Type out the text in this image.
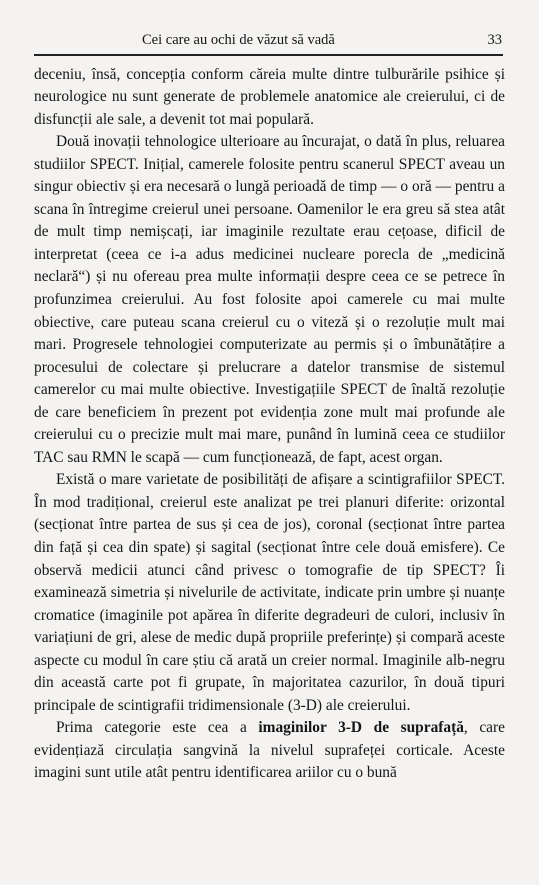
Cei care au ochi de văzut să vadă	33

deceniu, însă, concepția conform căreia multe dintre tulburările psihice și neurologice nu sunt generate de problemele anatomice ale creierului, ci de disfuncții ale sale, a devenit tot mai populară.

Două inovații tehnologice ulterioare au încurajat, o dată în plus, reluarea studiilor SPECT. Inițial, camerele folosite pentru scanerul SPECT aveau un singur obiectiv și era necesară o lungă perioadă de timp — o oră — pentru a scana în întregime creierul unei persoane. Oamenilor le era greu să stea atât de mult timp nemișcați, iar imaginile rezultate erau cețoase, dificil de interpretat (ceea ce i-a adus medicinei nucleare porecla de „medicină neclară“) și nu ofereau prea multe informații despre ceea ce se petrece în profunzimea creierului. Au fost folosite apoi camerele cu mai multe obiective, care puteau scana creierul cu o viteză și o rezoluție mult mai mari. Progresele tehnologiei computerizate au permis și o îmbunătățire a procesului de colectare și prelucrare a datelor transmise de sistemul camerelor cu mai multe obiective. Investigațiile SPECT de înaltă rezoluție de care beneficiem în prezent pot evidenția zone mult mai profunde ale creierului cu o precizie mult mai mare, punând în lumină ceea ce studiilor TAC sau RMN le scapă — cum funcționează, de fapt, acest organ.

Există o mare varietate de posibilități de afișare a scintigrafiilor SPECT. În mod tradițional, creierul este analizat pe trei planuri diferite: orizontal (secționat între partea de sus și cea de jos), coronal (secționat între partea din față și cea din spate) și sagital (secționat între cele două emisfere). Ce observă medicii atunci când privesc o tomografie de tip SPECT? Îi examinează simetria și nivelurile de activitate, indicate prin umbre și nuanțe cromatice (imaginile pot apărea în diferite degradeuri de culori, inclusiv în variațiuni de gri, alese de medic după propriile preferințe) și compară aceste aspecte cu modul în care știu că arată un creier normal. Imaginile alb-negru din această carte pot fi grupate, în majoritatea cazurilor, în două tipuri principale de scintigrafii tridimensionale (3-D) ale creierului.

Prima categorie este cea a imaginilor 3-D de suprafață, care evidențiază circulația sangvină la nivelul suprafeței corticale. Aceste imagini sunt utile atât pentru identificarea ariilor cu o bună
